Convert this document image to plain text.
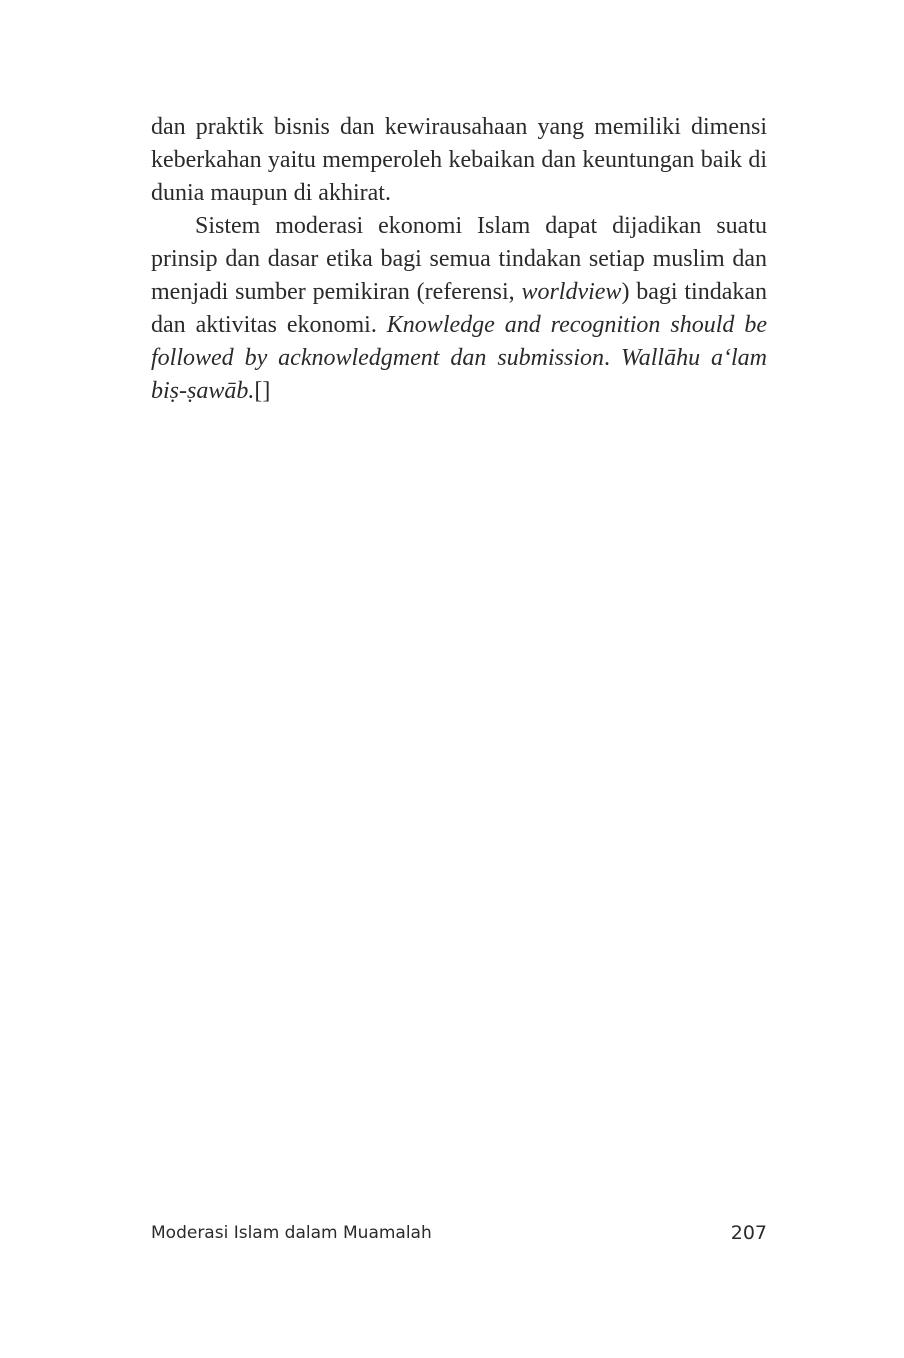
dan praktik bisnis dan kewirausahaan yang memiliki dimensi keberkahan yaitu memperoleh kebaikan dan keuntungan baik di dunia maupun di akhirat.

Sistem moderasi ekonomi Islam dapat dijadikan suatu prinsip dan dasar etika bagi semua tindakan setiap muslim dan menjadi sumber pemikiran (referensi, worldview) bagi tindakan dan aktivitas ekonomi. Knowledge and recognition should be followed by acknowledgment dan submission. Wallāhu a‘lam biṣ-ṣawāb.[]

Moderasi Islam dalam Muamalah	207
